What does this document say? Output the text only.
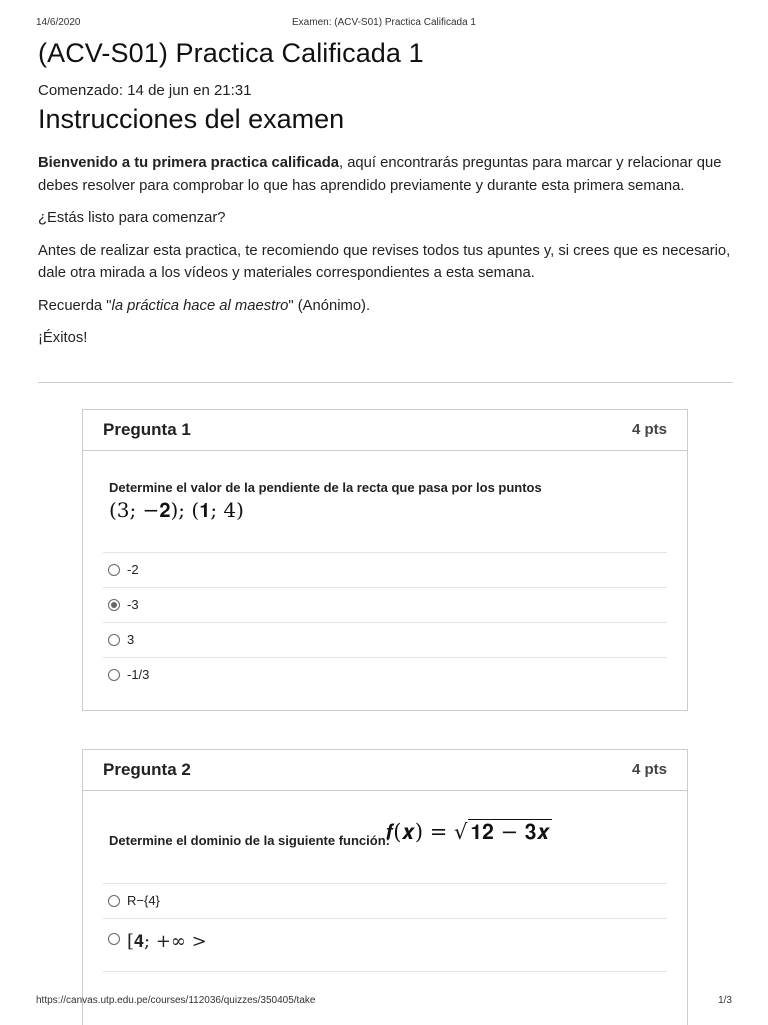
14/6/2020	Examen: (ACV-S01) Practica Calificada 1
(ACV-S01) Practica Calificada 1
Comenzado: 14 de jun en 21:31
Instrucciones del examen

Bienvenido a tu primera practica calificada, aquí encontrarás preguntas para marcar y relacionar que debes resolver para comprobar lo que has aprendido previamente y durante esta primera semana.

¿Estás listo para comenzar?

Antes de realizar esta practica, te recomiendo que revises todos tus apuntes y, si crees que es necesario, dale otra mirada a los vídeos y materiales correspondientes a esta semana.

Recuerda "la práctica hace al maestro" (Anónimo).

¡Éxitos!

Pregunta 1	4 pts
Determine el valor de la pendiente de la recta que pasa por los puntos
(3; −𝟐); (𝟏; 4)
-2
-3
3
-1/3
Pregunta 2	4 pts
Determine el dominio de la siguiente función:
𝒇(𝒙) = √ 𝟏𝟐 − 𝟑𝒙
R−{4}
[𝟒; +∞ >
https://canvas.utp.edu.pe/courses/112036/quizzes/350405/take	1/3
